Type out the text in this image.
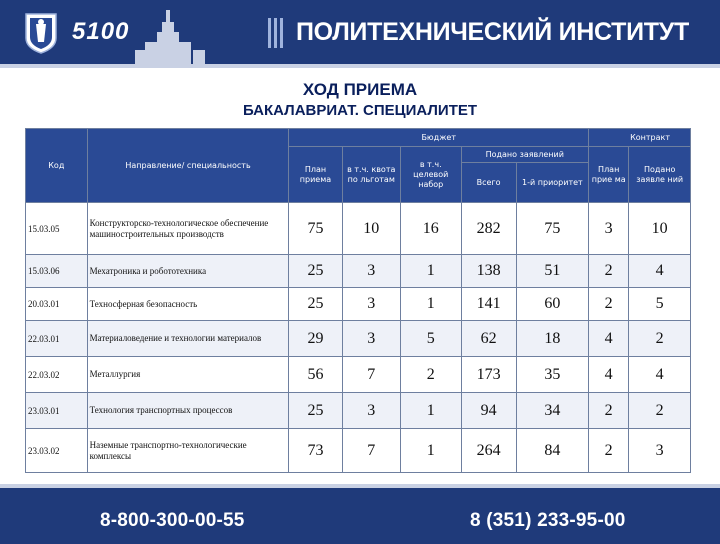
5100	ПОЛИТЕХНИЧЕСКИЙ ИНСТИТУТ
ХОД ПРИЕМА
БАКАЛАВРИАТ. СПЕЦИАЛИТЕТ
Код	Направление/ специальность	Бюджет					Контракт	
		План приема	в т.ч. квота по льготам	в т.ч. целевой набор	Подано заявлений		План прие ма	Подано заявле ний
					Всего	1-й приоритет		
15.03.05	Конструкторско-технологическое обеспечение машиностроительных производств	75	10	16	282	75	3	10
15.03.06	Мехатроника и робототехника	25	3	1	138	51	2	4
20.03.01	Техносферная безопасность	25	3	1	141	60	2	5
22.03.01	Материаловедение и технологии материалов	29	3	5	62	18	4	2
22.03.02	Металлургия	56	7	2	173	35	4	4
23.03.01	Технология транспортных процессов	25	3	1	94	34	2	2
23.03.02	Наземные транспортно-технологические комплексы	73	7	1	264	84	2	3
8-800-300-00-55	8 (351) 233-95-00
